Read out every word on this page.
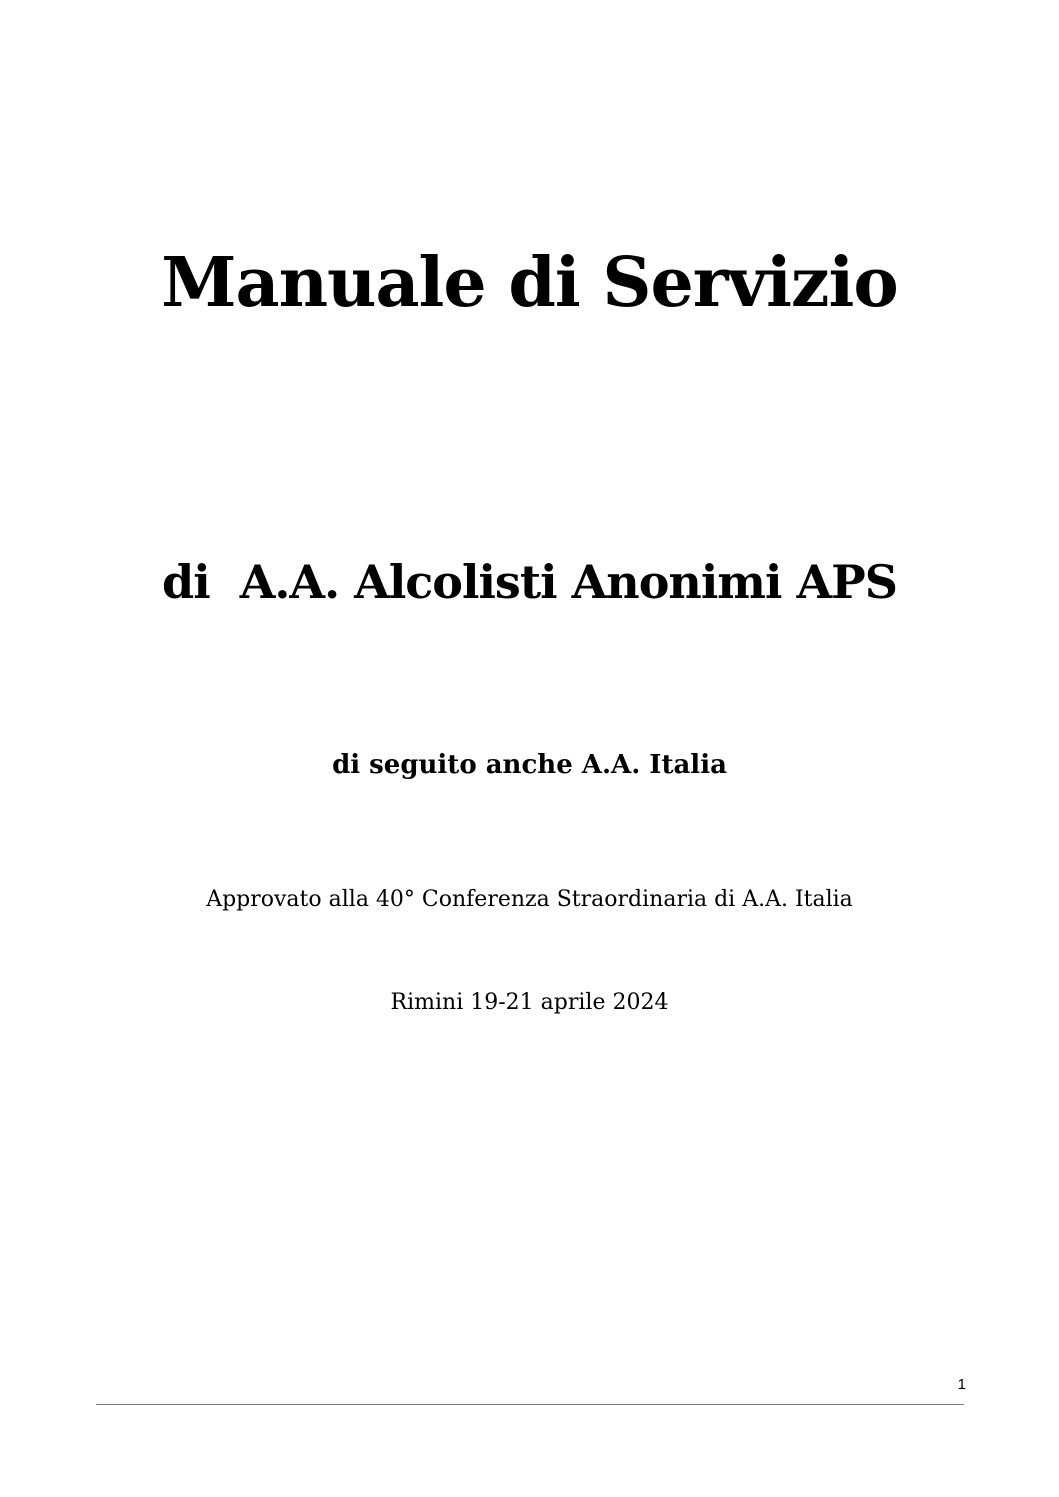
Manuale di Servizio
di  A.A. Alcolisti Anonimi APS
di seguito anche A.A. Italia
Approvato alla 40° Conferenza Straordinaria di A.A. Italia
Rimini 19-21 aprile 2024
1
